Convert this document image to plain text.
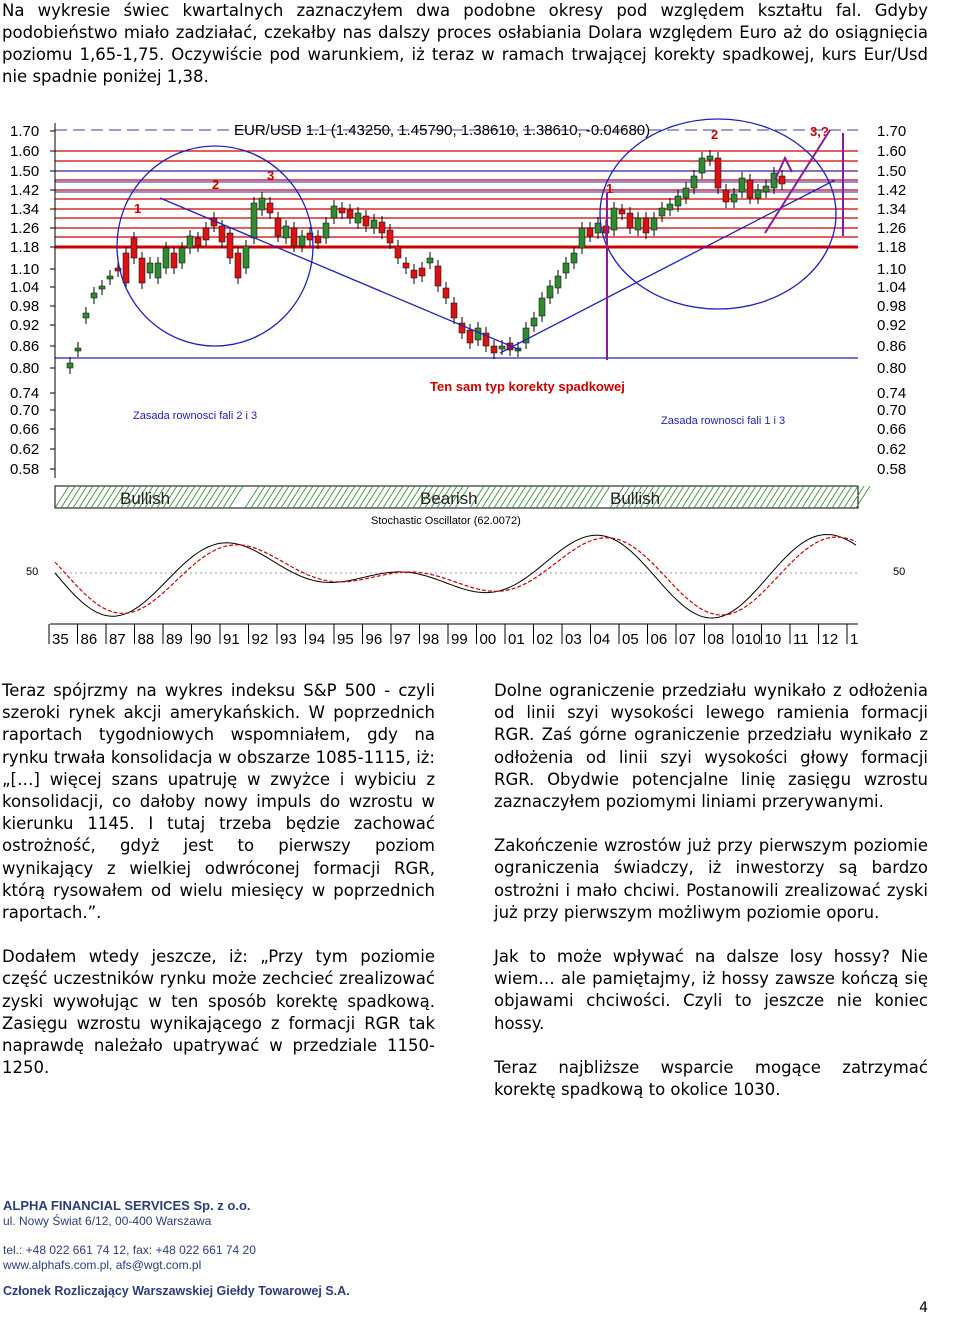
Na wykresie świec kwartalnych zaznaczyłem dwa podobne okresy pod względem kształtu fal. Gdyby podobieństwo miało zadziałać, czekałby nas dalszy proces osłabiania Dolara względem Euro aż do osiągnięcia poziomu 1,65-1,75. Oczywiście pod warunkiem, iż teraz w ramach trwającej korekty spadkowej, kurs Eur/Usd nie spadnie poniżej 1,38.

1.70
1.60
1.50
1.42
1.34
1.26
1.18
1.10
1.04
0.98
0.92
0.86
0.80
0.74
0.70
0.66
0.62
0.58
1.70
1.60
1.50
1.42
1.34
1.26
1.18
1.10
1.04
0.98
0.92
0.86
0.80
0.74
0.70
0.66
0.62
0.58
EUR/USD 1.1 (1.43250, 1.45790, 1.38610, 1.38610, -0.04680)
2
1
3
1
2	3,?
Ten sam typ korekty spadkowej
Zasada rownosci fali 2 i 3	Zasada rownosci fali 1 i 3
Bullish	Bearish	Bullish
Stochastic Oscillator (62.0072)
50	50
35 86 87 88 89 90 91 92 93 94 95 96 97 98 99 00 01 02 03 04 05 06 07 08 010 10 11 12 1

Teraz spójrzmy na wykres indeksu S&P 500 - czyli szeroki rynek akcji amerykańskich. W poprzednich raportach tygodniowych wspomniałem, gdy na rynku trwała konsolidacja w obszarze 1085-1115, iż: „[…] więcej szans upatruję w zwyżce i wybiciu z konsolidacji, co dałoby nowy impuls do wzrostu w kierunku 1145. I tutaj trzeba będzie zachować ostrożność, gdyż jest to pierwszy poziom wynikający z wielkiej odwróconej formacji RGR, którą rysowałem od wielu miesięcy w poprzednich raportach.”.

Dodałem wtedy jeszcze, iż: „Przy tym poziomie część uczestników rynku może zechcieć zrealizować zyski wywołując w ten sposób korektę spadkową. Zasięgu wzrostu wynikającego z formacji RGR tak naprawdę należało upatrywać w przedziale 1150-1250.

Dolne ograniczenie przedziału wynikało z odłożenia od linii szyi wysokości lewego ramienia formacji RGR. Zaś górne ograniczenie przedziału wynikało z odłożenia od linii szyi wysokości głowy formacji RGR. Obydwie potencjalne linię zasięgu wzrostu zaznaczyłem poziomymi liniami przerywanymi.

Zakończenie wzrostów już przy pierwszym poziomie ograniczenia świadczy, iż inwestorzy są bardzo ostrożni i mało chciwi. Postanowili zrealizować zyski już przy pierwszym możliwym poziomie oporu.

Jak to może wpływać na dalsze losy hossy? Nie wiem… ale pamiętajmy, iż hossy zawsze kończą się objawami chciwości. Czyli to jeszcze nie koniec hossy.

Teraz najbliższe wsparcie mogące zatrzymać korektę spadkową to okolice 1030.

ALPHA FINANCIAL SERVICES Sp. z o.o.
ul. Nowy Świat 6/12, 00-400 Warszawa
tel.: +48 022 661 74 12, fax: +48 022 661 74 20
www.alphafs.com.pl, afs@wgt.com.pl
Członek Rozliczający Warszawskiej Giełdy Towarowej S.A.
4
